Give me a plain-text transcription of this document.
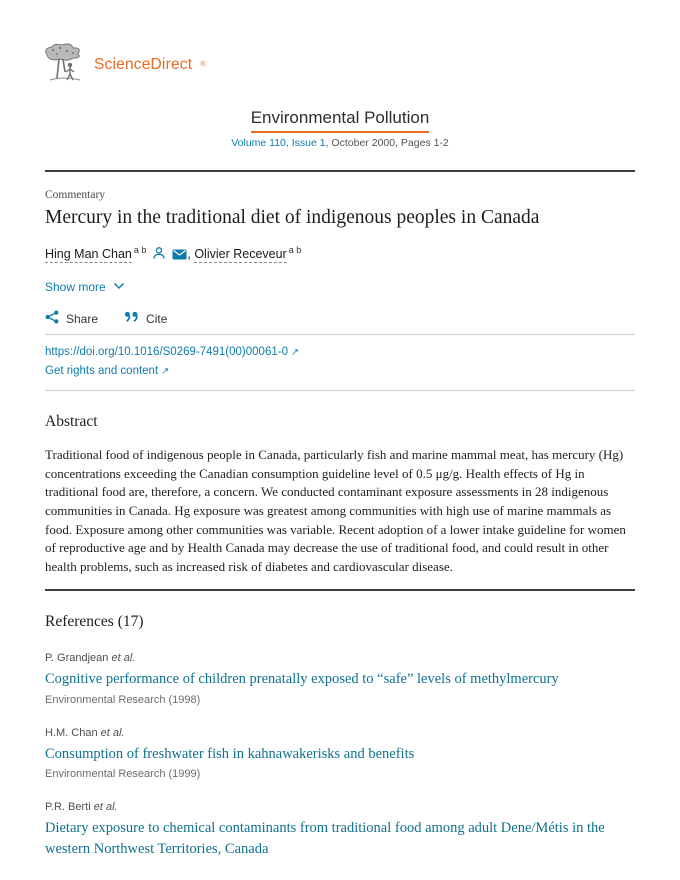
ScienceDirect ®
Environmental Pollution
Volume 110, Issue 1, October 2000, Pages 1-2
Commentary
Mercury in the traditional diet of indigenous peoples in Canada
Hing Man Chan $^{a b}$	, Olivier Receveur $^{a b}$
Show more
Share	Cite
https://doi.org/10.1016/S0269-7491(00)00061-0 ↗
Get rights and content ↗
Abstract

Traditional food of indigenous people in Canada, particularly fish and marine mammal meat, has mercury (Hg) concentrations exceeding the Canadian consumption guideline level of 0.5 μg/g. Health effects of Hg in traditional food are, therefore, a concern. We conducted contaminant exposure assessments in 28 indigenous communities in Canada. Hg exposure was greatest among communities with high use of marine mammals as food. Exposure among other communities was variable. Recent adoption of a lower intake guideline for women of reproductive age and by Health Canada may decrease the use of traditional food, and could result in other health problems, such as increased risk of diabetes and cardiovascular disease.

References (17)
P. Grandjean et al.
Cognitive performance of children prenatally exposed to “safe” levels of methylmercury
Environmental Research (1998)
H.M. Chan et al.
Consumption of freshwater fish in kahnawakerisks and benefits
Environmental Research (1999)
P.R. Berti et al.
Dietary exposure to chemical contaminants from traditional food among adult Dene/Métis in the western Northwest Territories, Canada
